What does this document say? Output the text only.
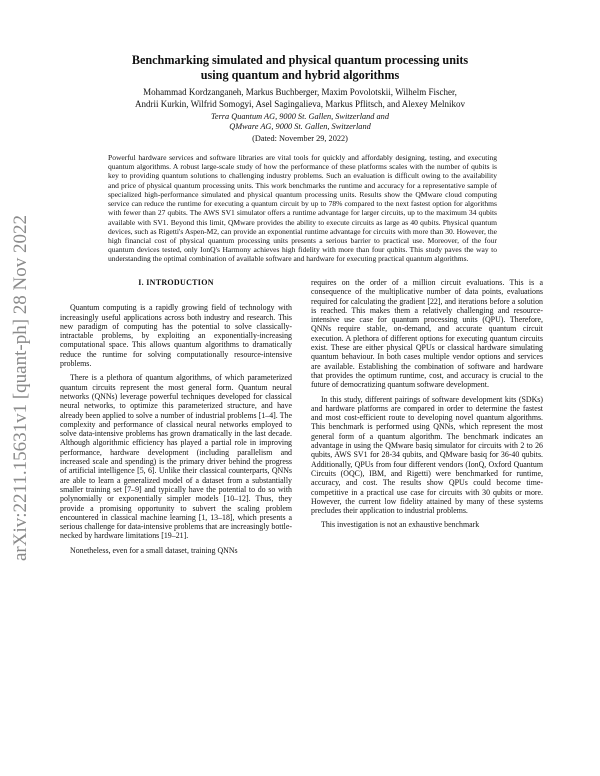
arXiv:2211.15631v1 [quant-ph] 28 Nov 2022
Benchmarking simulated and physical quantum processing units
using quantum and hybrid algorithms
Mohammad Kordzanganeh, Markus Buchberger, Maxim Povolotskii, Wilhelm Fischer,
Andrii Kurkin, Wilfrid Somogyi, Asel Sagingalieva, Markus Pflitsch, and Alexey Melnikov
Terra Quantum AG, 9000 St. Gallen, Switzerland and
QMware AG, 9000 St. Gallen, Switzerland
(Dated: November 29, 2022)
Powerful hardware services and software libraries are vital tools for quickly and affordably designing, testing, and executing quantum algorithms. A robust large-scale study of how the performance of these platforms scales with the number of qubits is key to providing quantum solutions to challenging industry problems. Such an evaluation is difficult owing to the availability and price of physical quantum processing units. This work benchmarks the runtime and accuracy for a representative sample of specialized high-performance simulated and physical quantum processing units. Results show the QMware cloud computing service can reduce the runtime for executing a quantum circuit by up to 78% compared to the next fastest option for algorithms with fewer than 27 qubits. The AWS SV1 simulator offers a runtime advantage for larger circuits, up to the maximum 34 qubits available with SV1. Beyond this limit, QMware provides the ability to execute circuits as large as 40 qubits. Physical quantum devices, such as Rigetti's Aspen-M2, can provide an exponential runtime advantage for circuits with more than 30. However, the high financial cost of physical quantum processing units presents a serious barrier to practical use. Moreover, of the four quantum devices tested, only IonQ's Harmony achieves high fidelity with more than four qubits. This study paves the way to understanding the optimal combination of available software and hardware for executing practical quantum algorithms.
I. INTRODUCTION

Quantum computing is a rapidly growing field of technology with increasingly useful applications across both industry and research. This new paradigm of computing has the potential to solve classically-intractable problems, by exploiting an exponentially-increasing computational space. This allows quantum algorithms to dramatically reduce the runtime for solving computationally resource-intensive problems.

There is a plethora of quantum algorithms, of which parameterized quantum circuits represent the most general form. Quantum neural networks (QNNs) leverage powerful techniques developed for classical neural networks, to optimize this parameterized structure, and have already been applied to solve a number of industrial problems [1–4]. The complexity and performance of classical neural networks employed to solve data-intensive problems has grown dramatically in the last decade. Although algorithmic efficiency has played a partial role in improving performance, hardware development (including parallelism and increased scale and spending) is the primary driver behind the progress of artificial intelligence [5, 6]. Unlike their classical counterparts, QNNs are able to learn a generalized model of a dataset from a substantially smaller training set [7–9] and typically have the potential to do so with polynomially or exponentially simpler models [10–12]. Thus, they provide a promising opportunity to subvert the scaling problem encountered in classical machine learning [1, 13–18], which presents a serious challenge for data-intensive problems that are increasingly bottle-necked by hardware limitations [19–21].

Nonetheless, even for a small dataset, training QNNs

requires on the order of a million circuit evaluations. This is a consequence of the multiplicative number of data points, evaluations required for calculating the gradient [22], and iterations before a solution is reached. This makes them a relatively challenging and resource-intensive use case for quantum processing units (QPU). Therefore, QNNs require stable, on-demand, and accurate quantum circuit execution. A plethora of different options for executing quantum circuits exist. These are either physical QPUs or classical hardware simulating quantum behaviour. In both cases multiple vendor options and services are available. Establishing the combination of software and hardware that provides the optimum runtime, cost, and accuracy is crucial to the future of democratizing quantum software development.

In this study, different pairings of software development kits (SDKs) and hardware platforms are compared in order to determine the fastest and most cost-efficient route to developing novel quantum algorithms. This benchmark is performed using QNNs, which represent the most general form of a quantum algorithm. The benchmark indicates an advantage in using the QMware basiq simulator for circuits with 2 to 26 qubits, AWS SV1 for 28-34 qubits, and QMware basiq for 36-40 qubits. Additionally, QPUs from four different vendors (IonQ, Oxford Quantum Circuits (OQC), IBM, and Rigetti) were benchmarked for runtime, accuracy, and cost. The results show QPUs could become time-competitive in a practical use case for circuits with 30 qubits or more. However, the current low fidelity attained by many of these systems precludes their application to industrial problems.

This investigation is not an exhaustive benchmark
